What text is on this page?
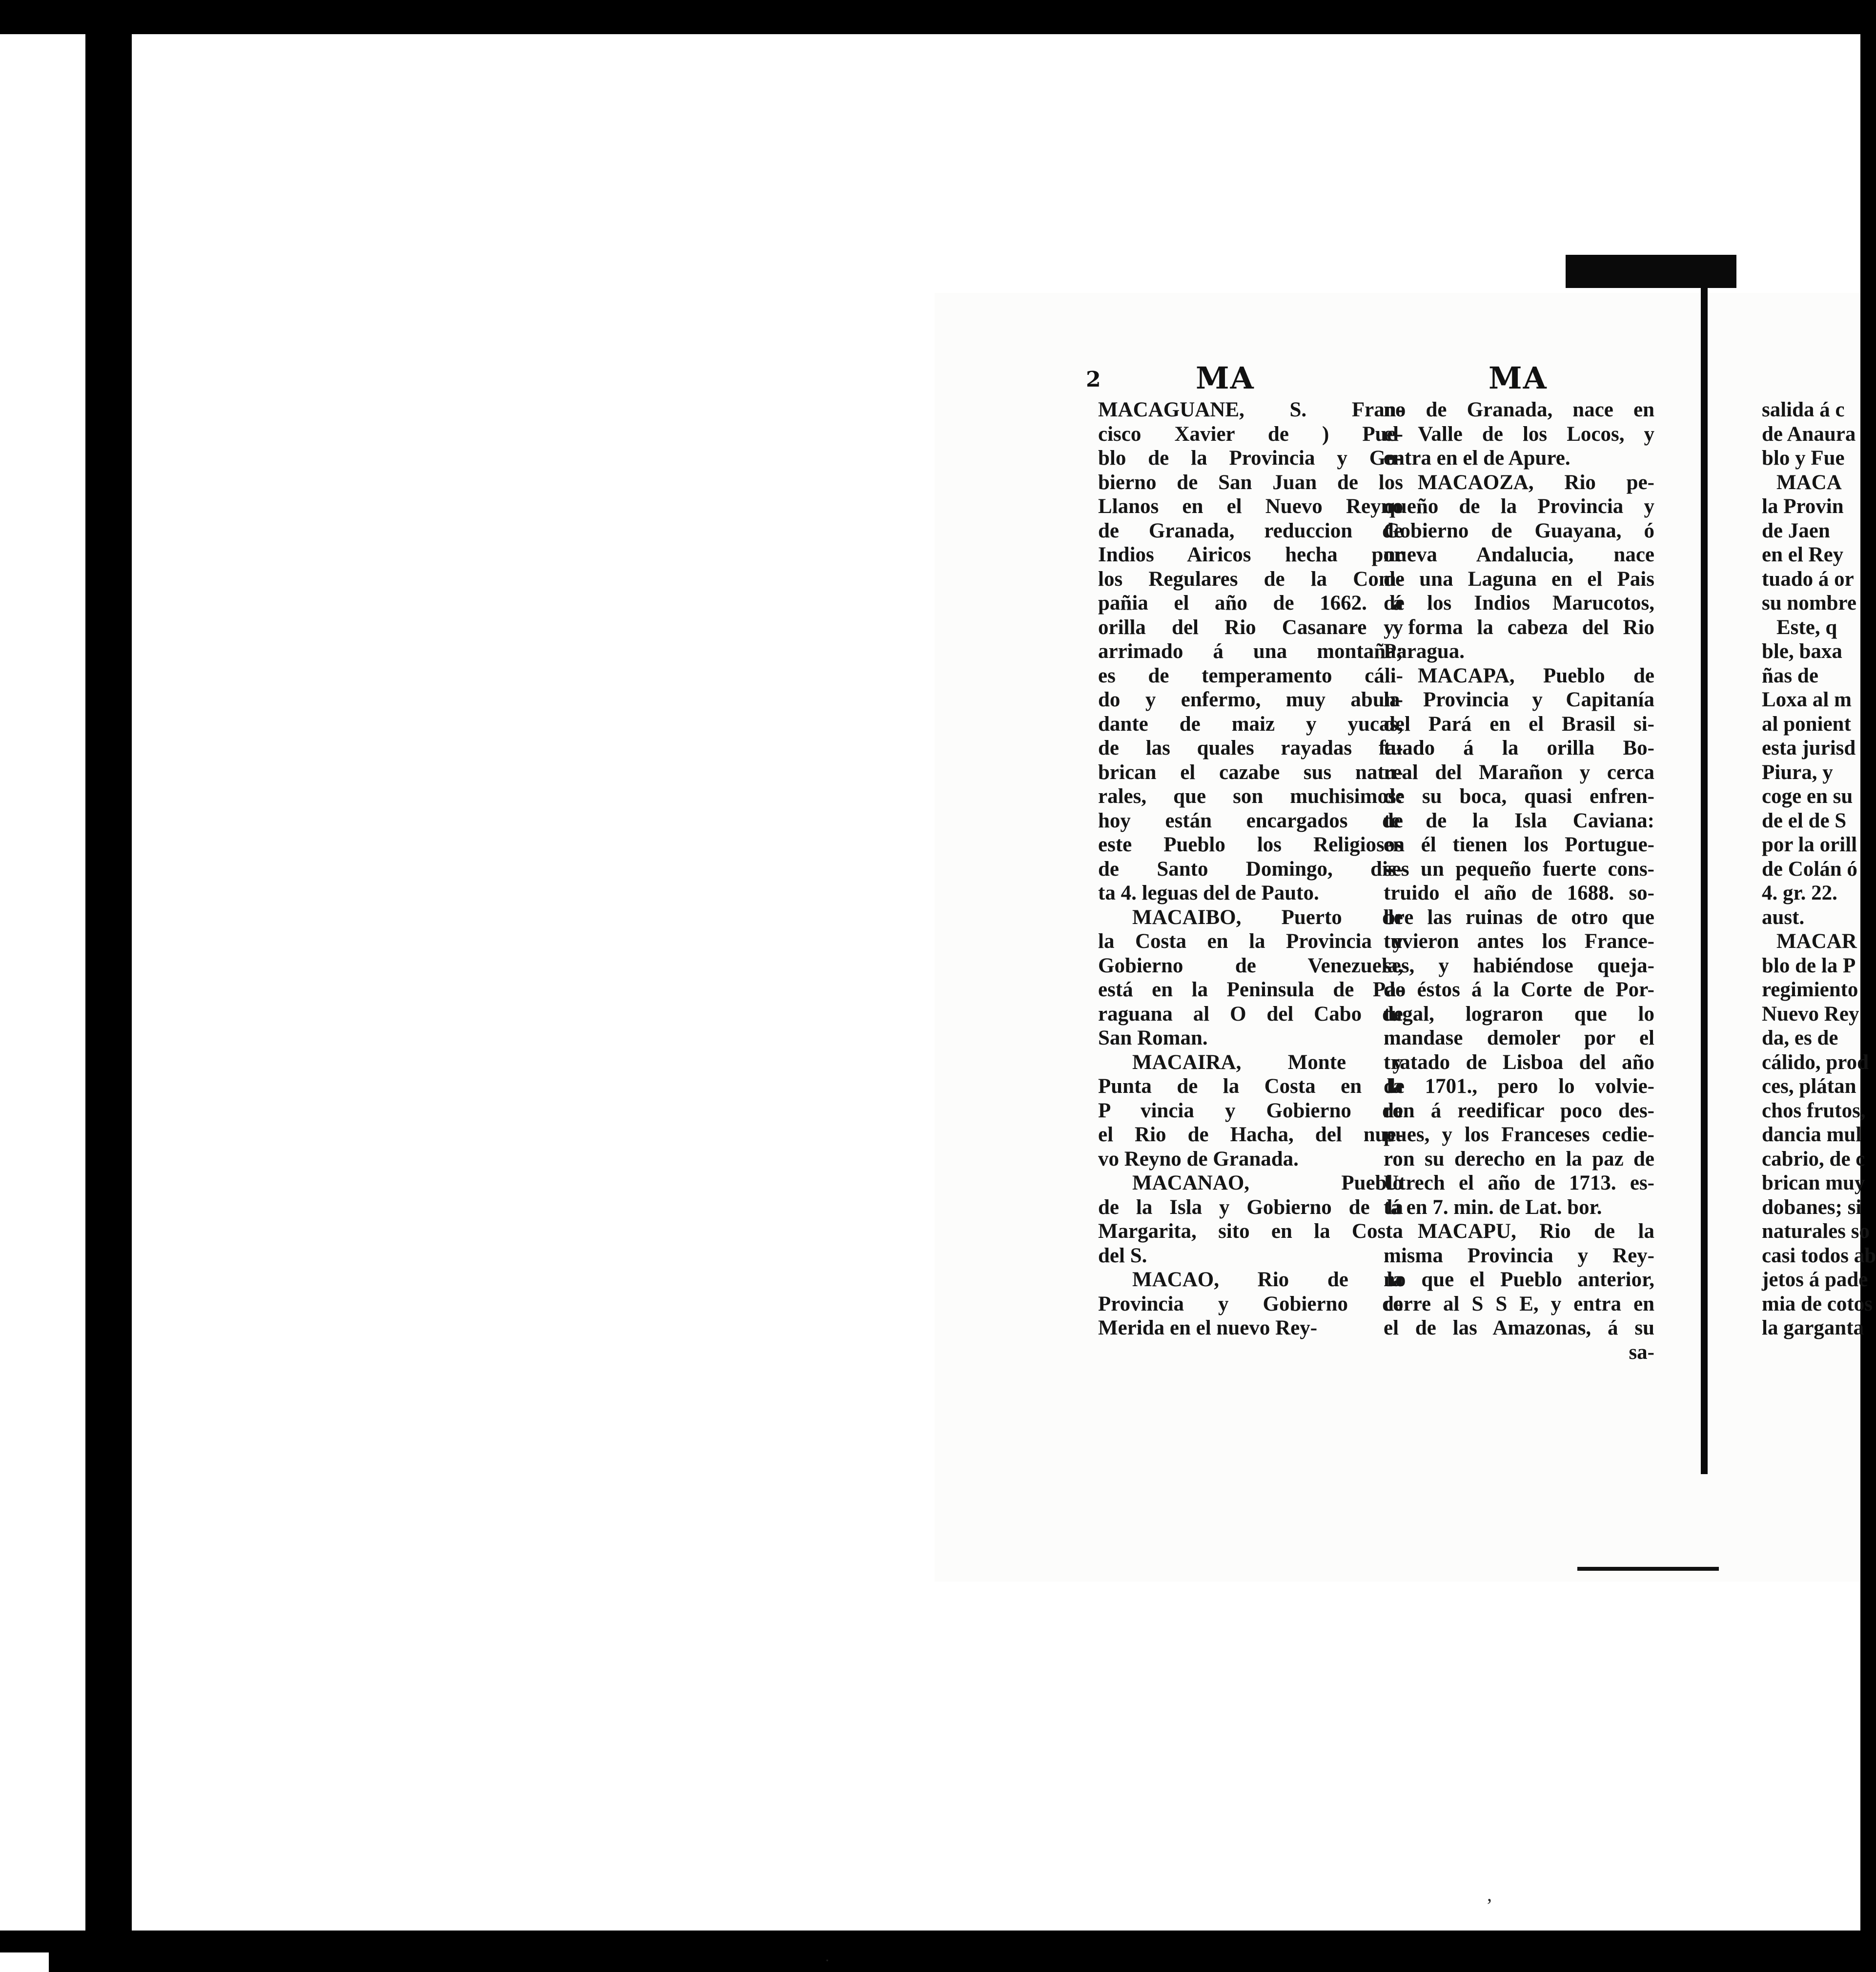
2	MA	MA
MACAGUANE, S. Fran-
cisco Xavier de ) Pue-
blo de la Provincia y Go-
bierno de San Juan de los
Llanos en el Nuevo Reyno
de Granada, reduccion de
Indios Airicos hecha por
los Regulares de la Com-
pañia el año de 1662. á
orilla del Rio Casanare y
arrimado á una montaña;
es de temperamento cáli-
do y enfermo, muy abun-
dante de maiz y yucas,
de las quales rayadas fa-
brican el cazabe sus natu-
rales, que son muchisimos:
hoy están encargados de
este Pueblo los Religiosos
de Santo Domingo, dis-
ta 4. leguas del de Pauto.
MACAIBO, Puerto de
la Costa en la Provincia y
Gobierno de Venezuela,
está en la Peninsula de Pa-
raguana al O del Cabo de
San Roman.
MACAIRA, Monte y
Punta de la Costa en la
P vincia y Gobierno de
el Rio de Hacha, del nue-
vo Reyno de Granada.
MACANAO, Pueblo
de la Isla y Gobierno de la
Margarita, sito en la Costa
del S.
MACAO, Rio de la
Provincia y Gobierno de
Merida en el nuevo Rey-
no de Granada, nace en
el Valle de los Locos, y
entra en el de Apure.
MACAOZA, Rio pe-
queño de la Provincia y
Gobierno de Guayana, ó
nueva Andalucia, nace
de una Laguna en el Pais
de los Indios Marucotos,
y forma la cabeza del Rio
Paragua.
MACAPA, Pueblo de
la Provincia y Capitanía
del Pará en el Brasil si-
tuado á la orilla Bo-
real del Marañon y cerca
de su boca, quasi enfren-
te de la Isla Caviana:
en él tienen los Portugue-
ses un pequeño fuerte cons-
truido el año de 1688. so-
bre las ruinas de otro que
tuvieron antes los France-
ses, y habiéndose queja-
do éstos á la Corte de Por-
tugal, lograron que lo
mandase demoler por el
tratado de Lisboa del año
de 1701., pero lo volvie-
ron á reedificar poco des-
pues, y los Franceses cedie-
ron su derecho en la paz de
Utrech el año de 1713. es-
tá en 7. min. de Lat. bor.
MACAPU, Rio de la
misma Provincia y Rey-
no que el Pueblo anterior,
corre al S S E, y entra en
el de las Amazonas, á su
sa-
salida á c
de Anaura
blo y Fue
MACA
la Provin
de Jaen
en el Rey
tuado á or
su nombre
Este, q
ble, baxa
ñas de
Loxa al m
al ponient
esta jurisd
Piura, y
coge en su
de el de S
por la orill
de Colán ó
4. gr. 22.
aust.
MACAR
blo de la P
regimiento
Nuevo Rey
da, es de
cálido, prod
ces, plátan
chos frutos,
dancia mul
cabrio, de c
brican muy
dobanes; si
naturales so
casi todos ab
jetos á pade
mia de cotos
la garganta
’
·
